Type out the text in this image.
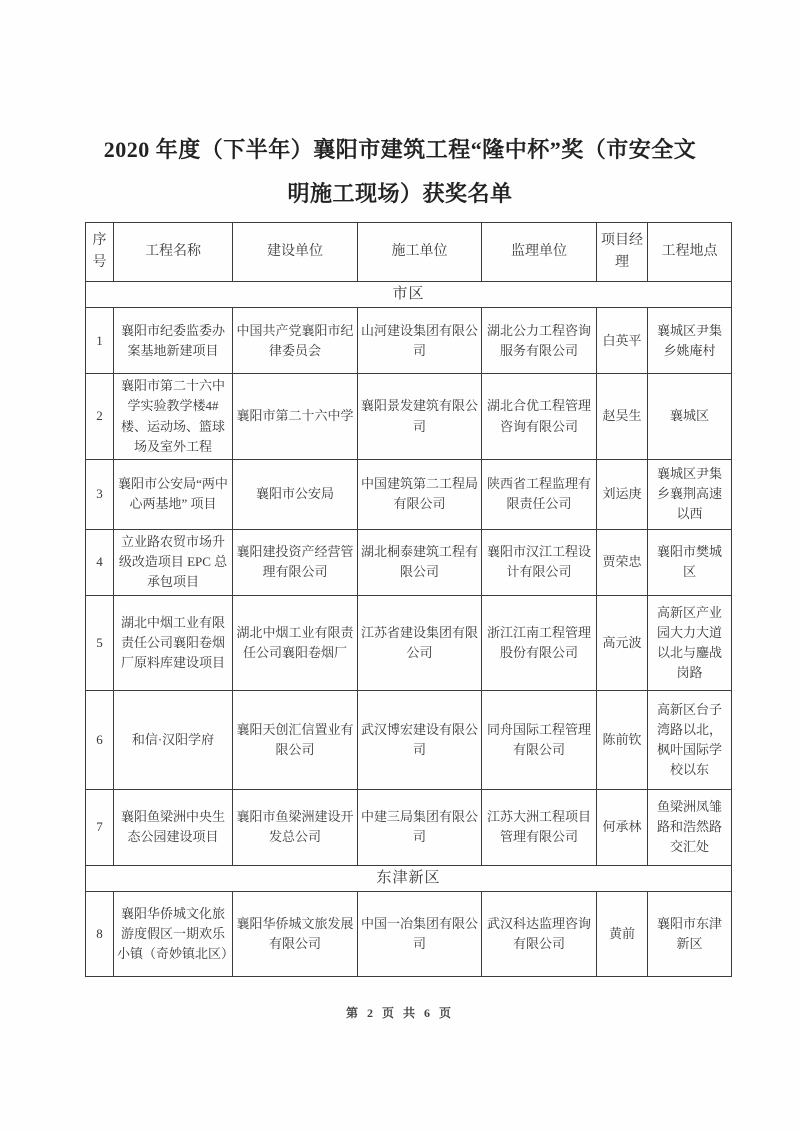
2020 年度（下半年）襄阳市建筑工程“隆中杯”奖（市安全文
明施工现场）获奖名单
序号	工程名称	建设单位	施工单位	监理单位	项目经理	工程地点
市区						
1	襄阳市纪委监委办案基地新建项目	中国共产党襄阳市纪律委员会	山河建设集团有限公司	湖北公力工程咨询服务有限公司	白英平	襄城区尹集乡姚庵村
2	襄阳市第二十六中学实验教学楼4#楼、运动场、篮球场及室外工程	襄阳市第二十六中学	襄阳景发建筑有限公司	湖北合优工程管理咨询有限公司	赵吴生	襄城区
3	襄阳市公安局“两中心两基地” 项目	襄阳市公安局	中国建筑第二工程局有限公司	陕西省工程监理有限责任公司	刘运庚	襄城区尹集乡襄荆高速以西
4	立业路农贸市场升级改造项目 EPC 总承包项目	襄阳建投资产经营管理有限公司	湖北桐泰建筑工程有限公司	襄阳市汉江工程设计有限公司	贾荣忠	襄阳市樊城区
5	湖北中烟工业有限责任公司襄阳卷烟厂原料库建设项目	湖北中烟工业有限责任公司襄阳卷烟厂	江苏省建设集团有限公司	浙江江南工程管理股份有限公司	高元波	高新区产业园大力大道以北与鏖战岗路
6	和信·汉阳学府	襄阳天创汇信置业有限公司	武汉博宏建设有限公司	同舟国际工程管理有限公司	陈前钦	高新区台子湾路以北，枫叶国际学校以东
7	襄阳鱼梁洲中央生态公园建设项目	襄阳市鱼梁洲建设开发总公司	中建三局集团有限公司	江苏大洲工程项目管理有限公司	何承林	鱼梁洲凤雏路和浩然路交汇处
东津新区						
8	襄阳华侨城文化旅游度假区一期欢乐小镇（奇妙镇北区）	襄阳华侨城文旅发展有限公司	中国一冶集团有限公司	武汉科达监理咨询有限公司	黄前	襄阳市东津新区
第 2 页 共 6 页
